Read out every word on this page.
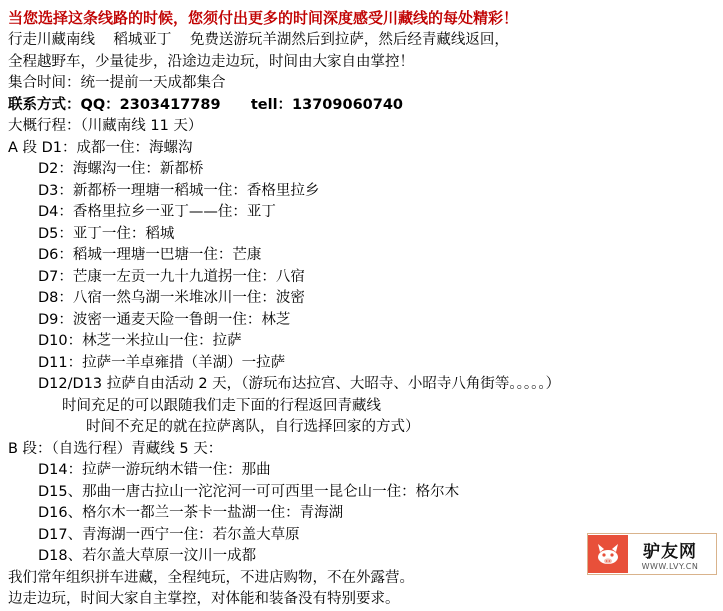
当您选择这条线路的时候，您须付出更多的时间深度感受川藏线的每处精彩！
行走川藏南线    稻城亚丁    免费送游玩羊湖然后到拉萨，然后经青藏线返回，
全程越野车，少量徒步，沿途边走边玩，时间由大家自由掌控！
集合时间：统一提前一天成都集合
联系方式：QQ：2303417789      tell：13709060740
大概行程：（川藏南线 11 天）
A 段 D1：成都一住：海螺沟
D2：海螺沟一住：新都桥
D3：新都桥一理塘一稻城一住：香格里拉乡
D4：香格里拉乡一亚丁——住：亚丁
D5：亚丁一住：稻城
D6：稻城一理塘一巴塘一住：芒康
D7：芒康一左贡一九十九道拐一住：八宿
D8：八宿一然乌湖一米堆冰川一住：波密
D9：波密一通麦天险一鲁朗一住：林芝
D10：林芝一米拉山一住：拉萨
D11：拉萨一羊卓雍措（羊湖）一拉萨
D12/D13 拉萨自由活动 2 天，（游玩布达拉宫、大昭寺、小昭寺八角街等。。。。。）
时间充足的可以跟随我们走下面的行程返回青藏线
时间不充足的就在拉萨离队，自行选择回家的方式）
B 段：（自选行程）青藏线 5 天：
D14：拉萨一游玩纳木错一住：那曲
D15、那曲一唐古拉山一沱沱河一可可西里一昆仑山一住：格尔木
D16、格尔木一都兰一茶卡一盐湖一住：青海湖
D17、青海湖一西宁一住：若尔盖大草原
D18、若尔盖大草原一汶川一成都
我们常年组织拼车进藏，全程纯玩，不进店购物，不在外露营。
边走边玩，时间大家自主掌控，对体能和装备没有特别要求。
驴友网
WWW.LVY.CN
